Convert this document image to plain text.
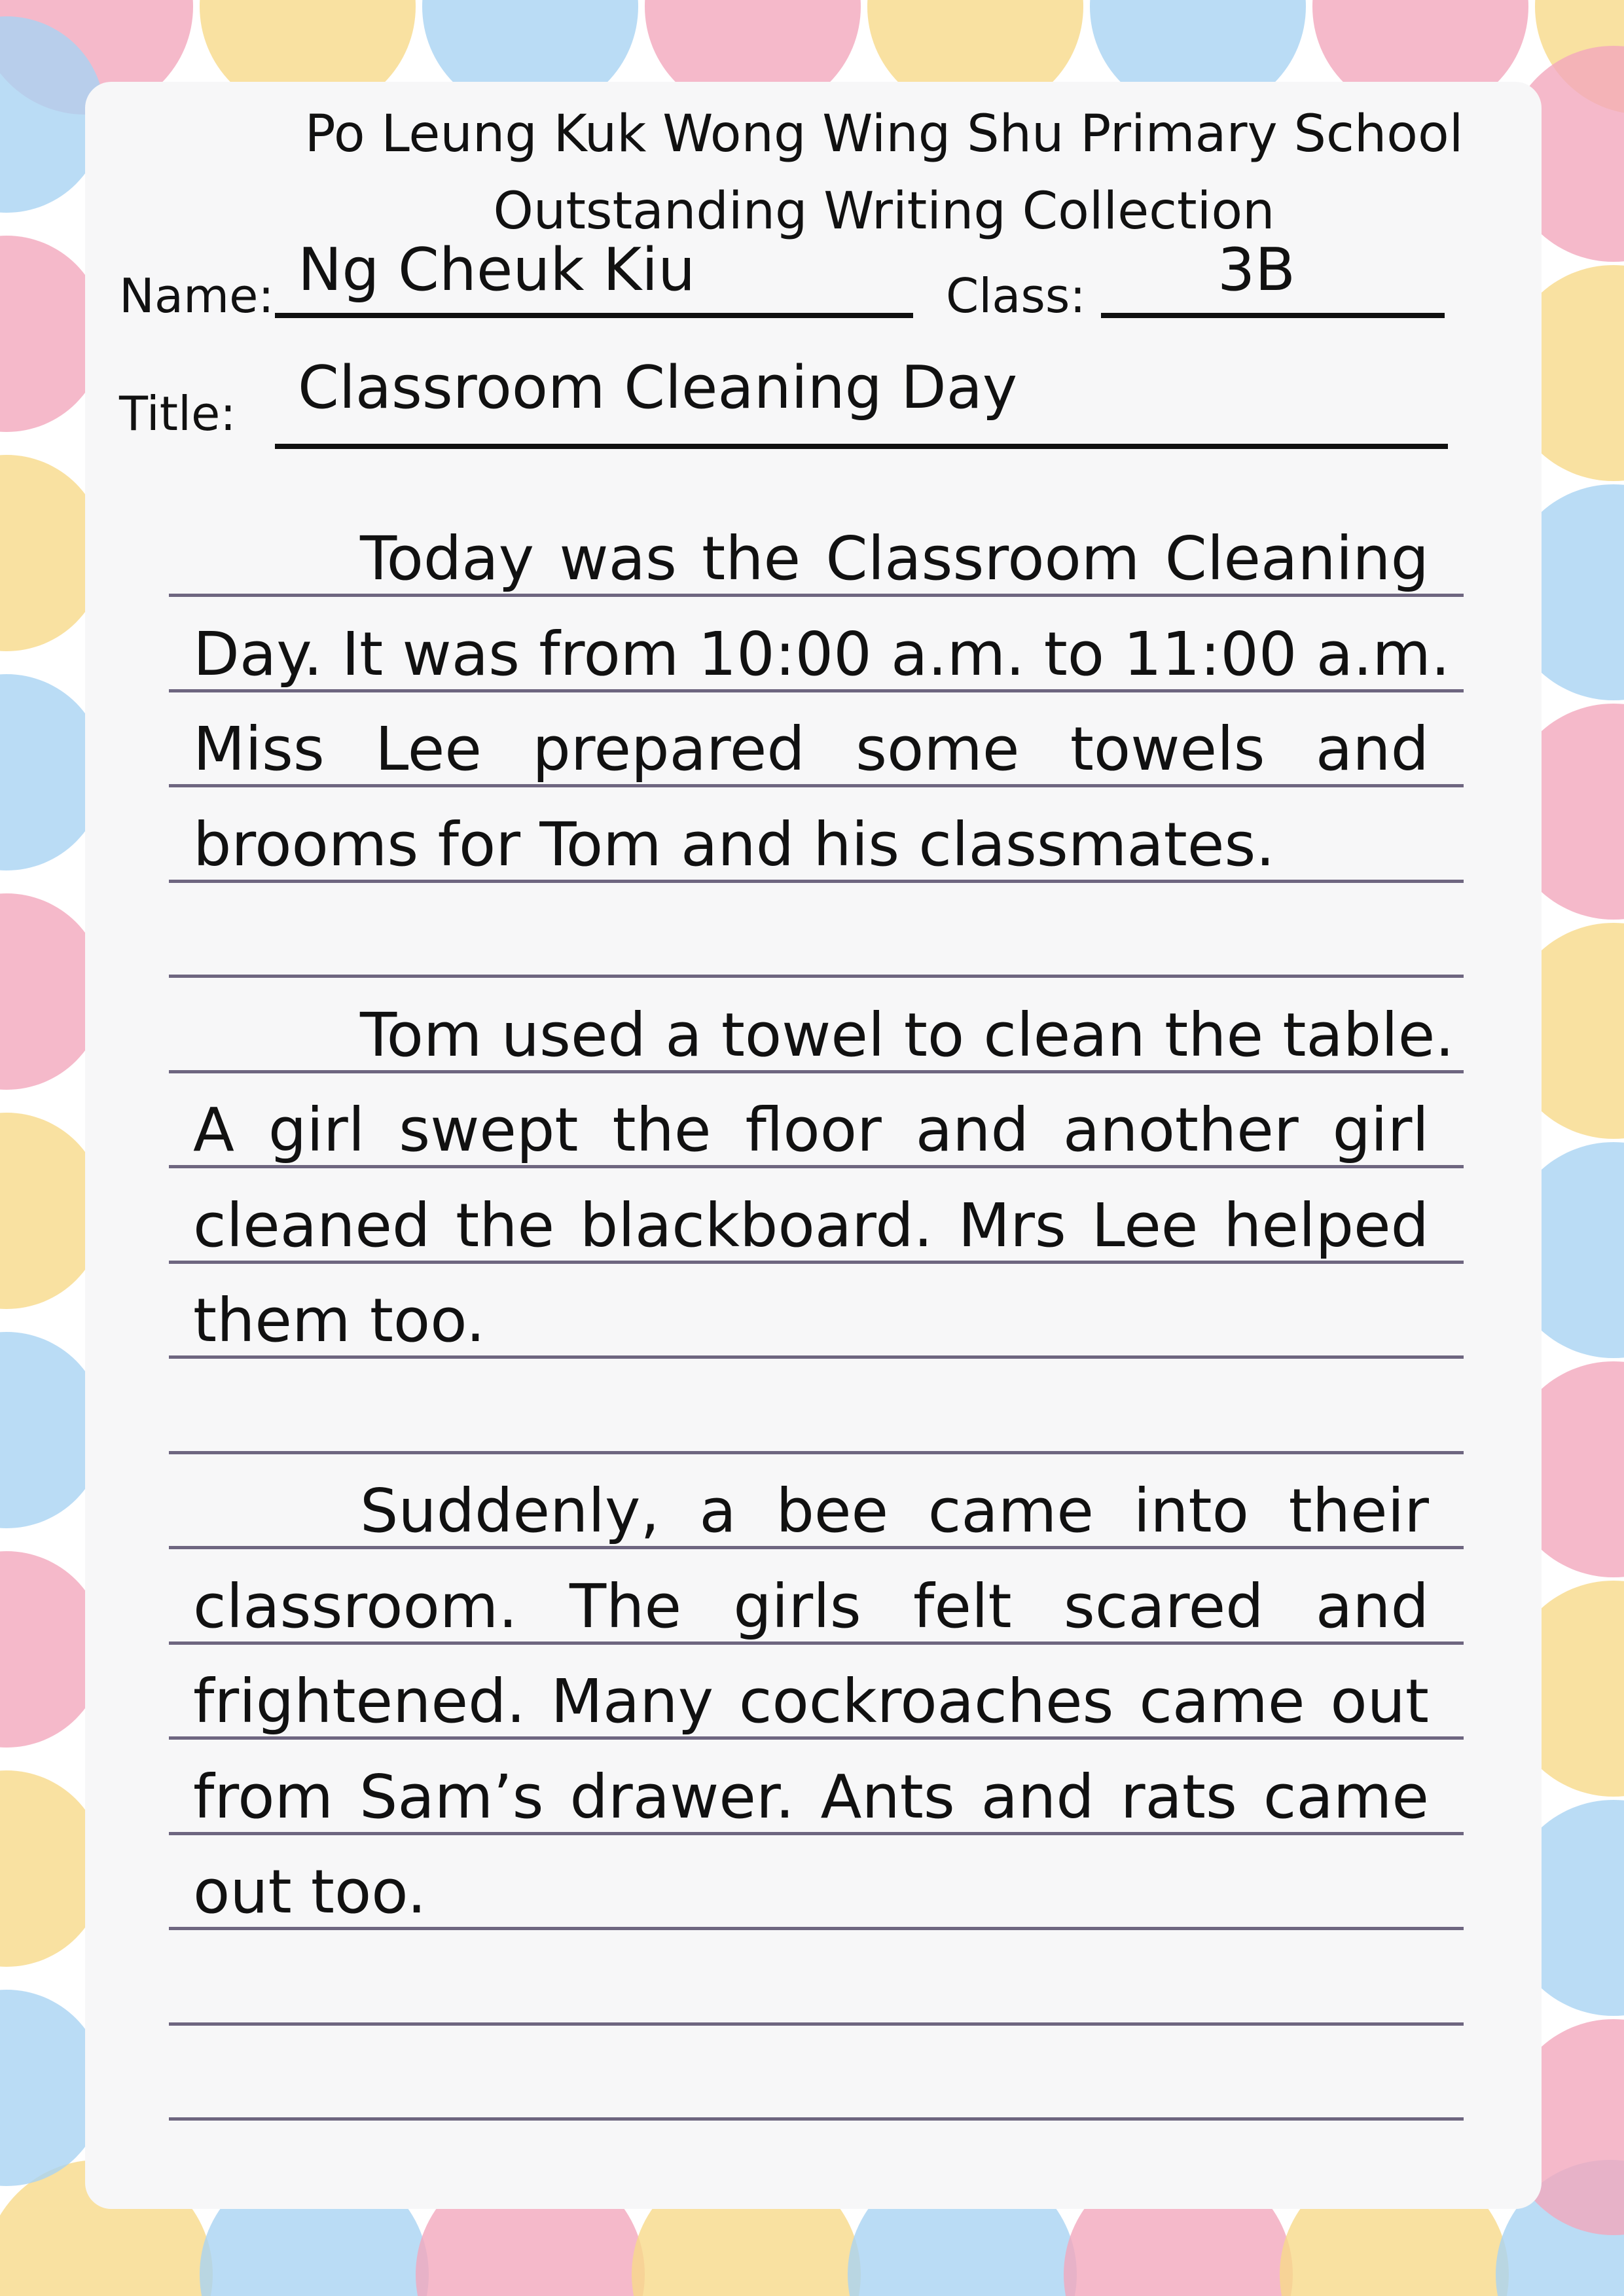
Po Leung Kuk Wong Wing Shu Primary School
Outstanding Writing Collection
Name: Ng Cheuk Kiu	Class: 3B
Title: Classroom Cleaning Day
Today was the Classroom Cleaning
Day. It was from 10:00 a.m. to 11:00 a.m.
Miss Lee prepared some towels and
brooms for Tom and his classmates.
Tom used a towel to clean the table.
A girl swept the floor and another girl
cleaned the blackboard. Mrs Lee helped
them too.
Suddenly, a bee came into their
classroom. The girls felt scared and
frightened. Many cockroaches came out
from Sam’s drawer. Ants and rats came
out too.
